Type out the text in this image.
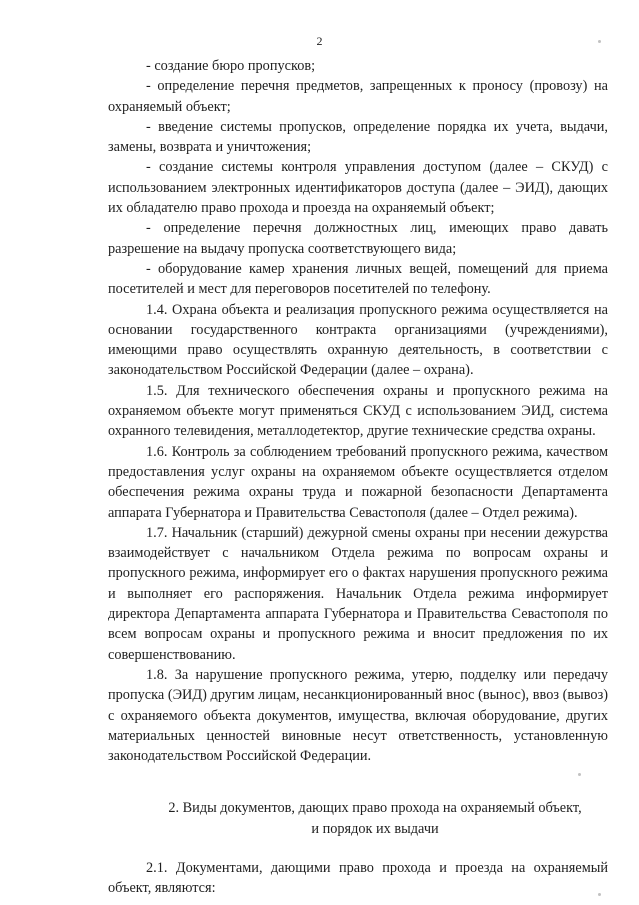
2

- создание бюро пропусков;

- определение перечня предметов, запрещенных к проносу (провозу) на охраняемый объект;

- введение системы пропусков, определение порядка их учета, выдачи, замены, возврата и уничтожения;

- создание системы контроля управления доступом (далее – СКУД) с использованием электронных идентификаторов доступа (далее – ЭИД), дающих их обладателю право прохода и проезда на охраняемый объект;

- определение перечня должностных лиц, имеющих право давать разрешение на выдачу пропуска соответствующего вида;

- оборудование камер хранения личных вещей, помещений для приема посетителей и мест для переговоров посетителей по телефону.

1.4. Охрана объекта и реализация пропускного режима осуществляется на основании государственного контракта организациями (учреждениями), имеющими право осуществлять охранную деятельность, в соответствии с законодательством Российской Федерации (далее – охрана).

1.5. Для технического обеспечения охраны и пропускного режима на охраняемом объекте могут применяться СКУД с использованием ЭИД, система охранного телевидения, металлодетектор, другие технические средства охраны.

1.6. Контроль за соблюдением требований пропускного режима, качеством предоставления услуг охраны на охраняемом объекте осуществляется отделом обеспечения режима охраны труда и пожарной безопасности Департамента аппарата Губернатора и Правительства Севастополя (далее – Отдел режима).

1.7. Начальник (старший) дежурной смены охраны при несении дежурства взаимодействует с начальником Отдела режима по вопросам охраны и пропускного режима, информирует его о фактах нарушения пропускного режима и выполняет его распоряжения. Начальник Отдела режима информирует директора Департамента аппарата Губернатора и Правительства Севастополя по всем вопросам охраны и пропускного режима и вносит предложения по их совершенствованию.

1.8. За нарушение пропускного режима, утерю, подделку или передачу пропуска (ЭИД) другим лицам, несанкционированный внос (вынос), ввоз (вывоз) с охраняемого объекта документов, имущества, включая оборудование, других материальных ценностей виновные несут ответственность, установленную законодательством Российской Федерации.

2. Виды документов, дающих право прохода на охраняемый объект,
и порядок их выдачи

2.1. Документами, дающими право прохода и проезда на охраняемый объект, являются:
